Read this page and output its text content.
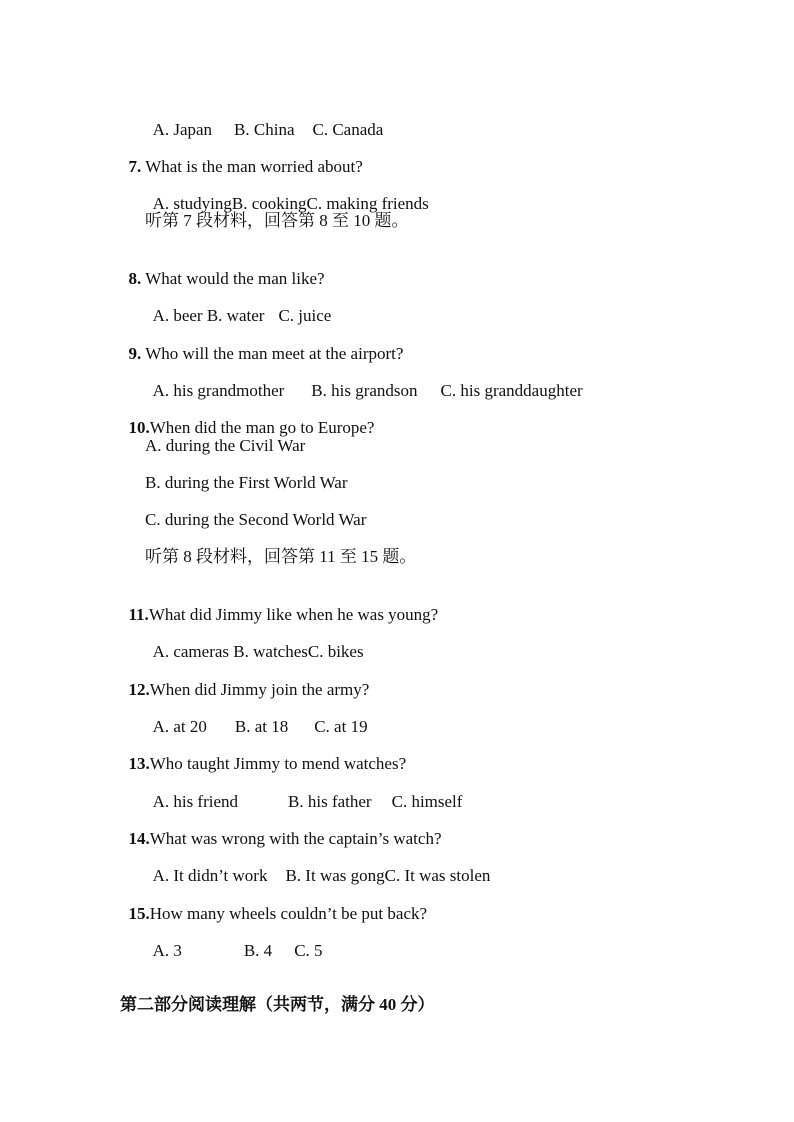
A. Japan B. China C. Canada

7. What is the man worried about?

A. studyingB. cookingC. making friends

听第 7 段材料，回答第 8 至 10 题。

8. What would the man like?

A. beer B. water C. juice

9. Who will the man meet at the airport?

A. his grandmother B. his grandson C. his granddaughter

10.When did the man go to Europe?

A. during the Civil War
B. during the First World War
C. during the Second World War
听第 8 段材料，回答第 11 至 15 题。

11.What did Jimmy like when he was young?

A. cameras B. watchesC. bikes

12.When did Jimmy join the army?

A. at 20 B. at 18 C. at 19

13.Who taught Jimmy to mend watches?

A. his friend	B. his father C. himself

14.What was wrong with the captain’s watch?

A. It didn’t work B. It was gongC. It was stolen

15.How many wheels couldn’t be put back?

A. 3	B. 4 C. 5

第二部分阅读理解（共两节，满分 40 分）
